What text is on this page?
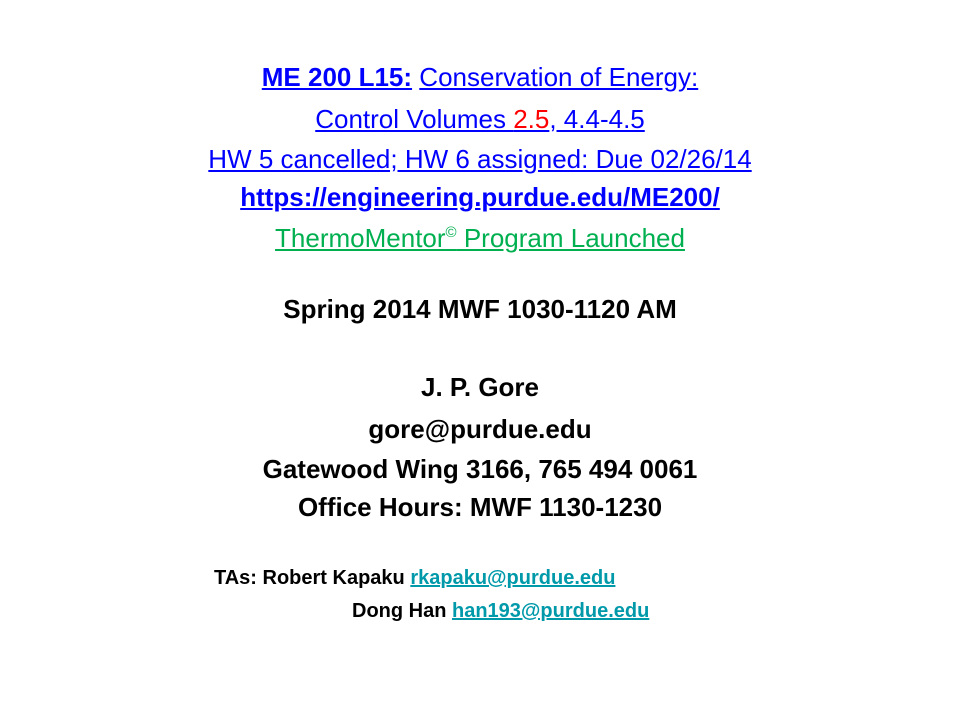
ME 200 L15: Conservation of Energy:
Control Volumes 2.5, 4.4-4.5
HW 5 cancelled; HW 6 assigned: Due 02/26/14
https://engineering.purdue.edu/ME200/
ThermoMentor© Program Launched
Spring 2014 MWF 1030-1120 AM
J. P. Gore
gore@purdue.edu
Gatewood Wing 3166, 765 494 0061
Office Hours: MWF 1130-1230
TAs: Robert Kapaku rkapaku@purdue.edu
Dong Han han193@purdue.edu
